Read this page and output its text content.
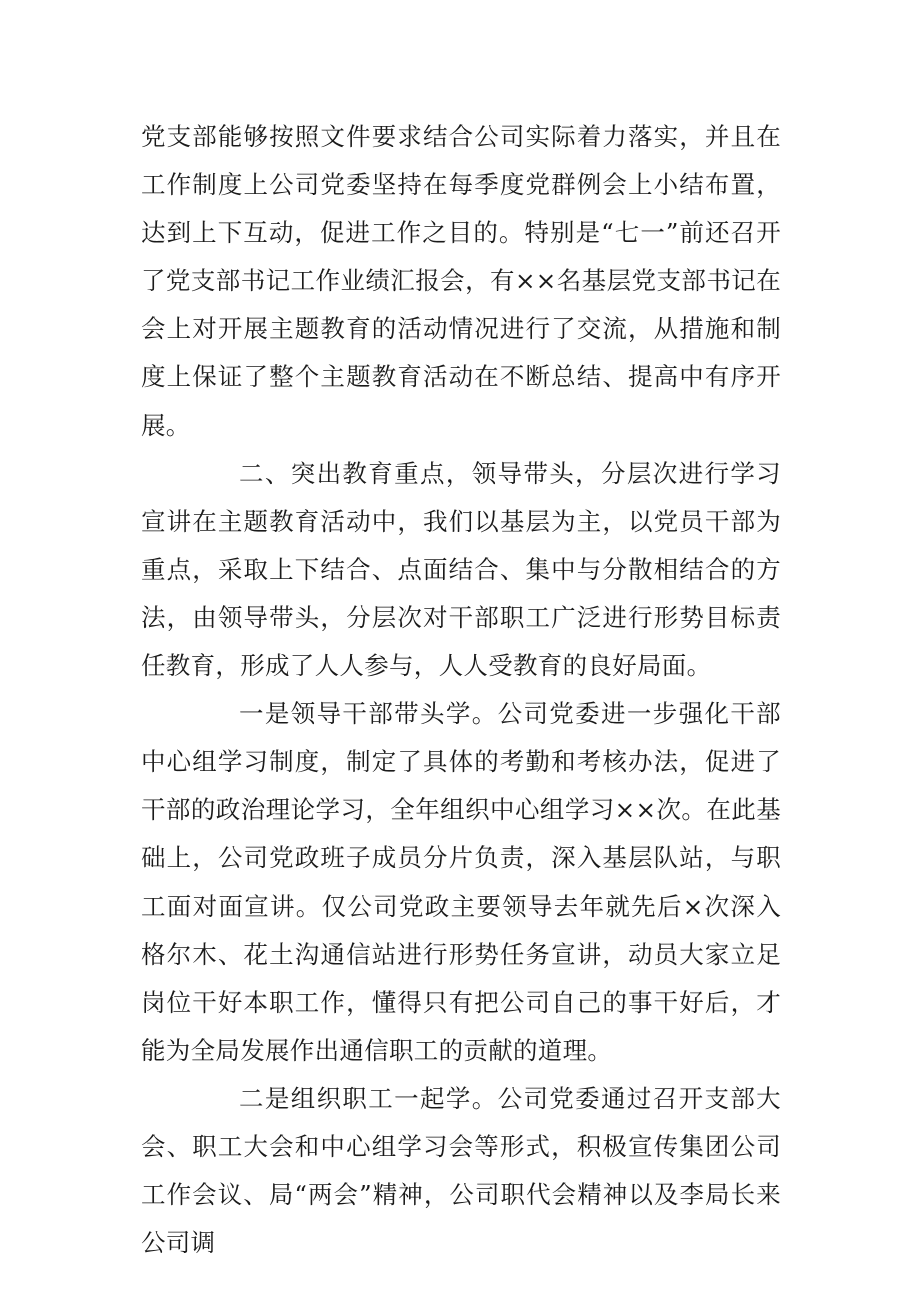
党支部能够按照文件要求结合公司实际着力落实，并且在工作制度上公司党委坚持在每季度党群例会上小结布置，达到上下互动，促进工作之目的。特别是“七一”前还召开了党支部书记工作业绩汇报会，有××名基层党支部书记在会上对开展主题教育的活动情况进行了交流，从措施和制度上保证了整个主题教育活动在不断总结、提高中有序开展。

二、突出教育重点，领导带头，分层次进行学习宣讲在主题教育活动中，我们以基层为主，以党员干部为重点，采取上下结合、点面结合、集中与分散相结合的方法，由领导带头，分层次对干部职工广泛进行形势目标责任教育，形成了人人参与，人人受教育的良好局面。

一是领导干部带头学。公司党委进一步强化干部中心组学习制度，制定了具体的考勤和考核办法，促进了干部的政治理论学习，全年组织中心组学习××次。在此基础上，公司党政班子成员分片负责，深入基层队站，与职工面对面宣讲。仅公司党政主要领导去年就先后×次深入格尔木、花土沟通信站进行形势任务宣讲，动员大家立足岗位干好本职工作，懂得只有把公司自己的事干好后，才能为全局发展作出通信职工的贡献的道理。

二是组织职工一起学。公司党委通过召开支部大会、职工大会和中心组学习会等形式，积极宣传集团公司工作会议、局“两会”精神，公司职代会精神以及李局长来公司调
